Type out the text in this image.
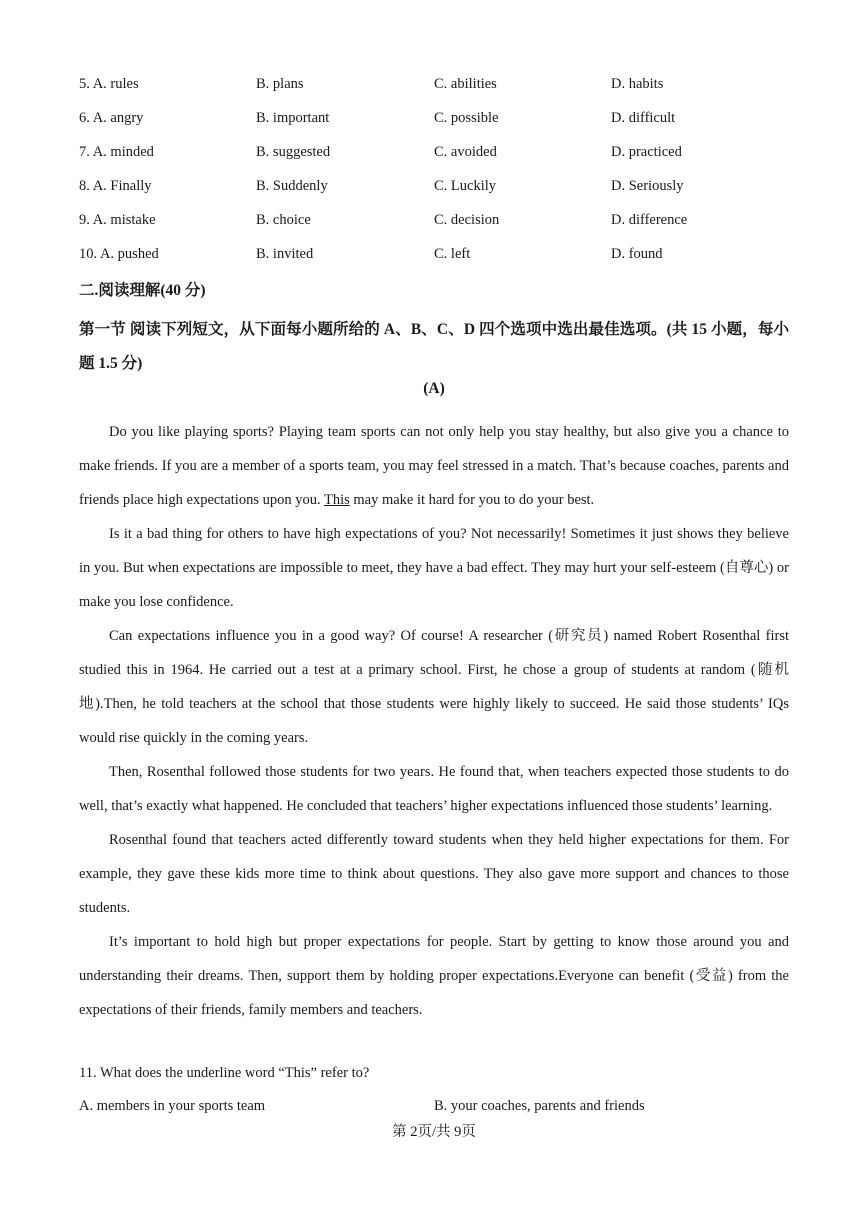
5. A. rules	B. plans	C. abilities	D. habits
6. A. angry	B. important	C. possible	D. difficult
7. A. minded	B. suggested	C. avoided	D. practiced
8. A. Finally	B. Suddenly	C. Luckily	D. Seriously
9. A. mistake	B. choice	C. decision	D. difference
10. A. pushed	B. invited	C. left	D. found
二.阅读理解(40 分)
第一节 阅读下列短文，从下面每小题所给的 A、B、C、D 四个选项中选出最佳选项。(共 15 小题，每小题 1.5 分)
(A)

Do you like playing sports? Playing team sports can not only help you stay healthy, but also give you a chance to make friends. If you are a member of a sports team, you may feel stressed in a match. That’s because coaches, parents and friends place high expectations upon you. This may make it hard for you to do your best.

Is it a bad thing for others to have high expectations of you? Not necessarily! Sometimes it just shows they believe in you. But when expectations are impossible to meet, they have a bad effect. They may hurt your self-esteem (自尊心) or make you lose confidence.

Can expectations influence you in a good way? Of course! A researcher (研究员) named Robert Rosenthal first studied this in 1964. He carried out a test at a primary school. First, he chose a group of students at random (随机地).Then, he told teachers at the school that those students were highly likely to succeed. He said those students’ IQs would rise quickly in the coming years.

Then, Rosenthal followed those students for two years. He found that, when teachers expected those students to do well, that’s exactly what happened. He concluded that teachers’ higher expectations influenced those students’ learning.

Rosenthal found that teachers acted differently toward students when they held higher expectations for them. For example, they gave these kids more time to think about questions. They also gave more support and chances to those students.

It’s important to hold high but proper expectations for people. Start by getting to know those around you and understanding their dreams. Then, support them by holding proper expectations.Everyone can benefit (受益) from the expectations of their friends, family members and teachers.

11. What does the underline word “This” refer to?
A. members in your sports team	B. your coaches, parents and friends
第 2页/共 9页
